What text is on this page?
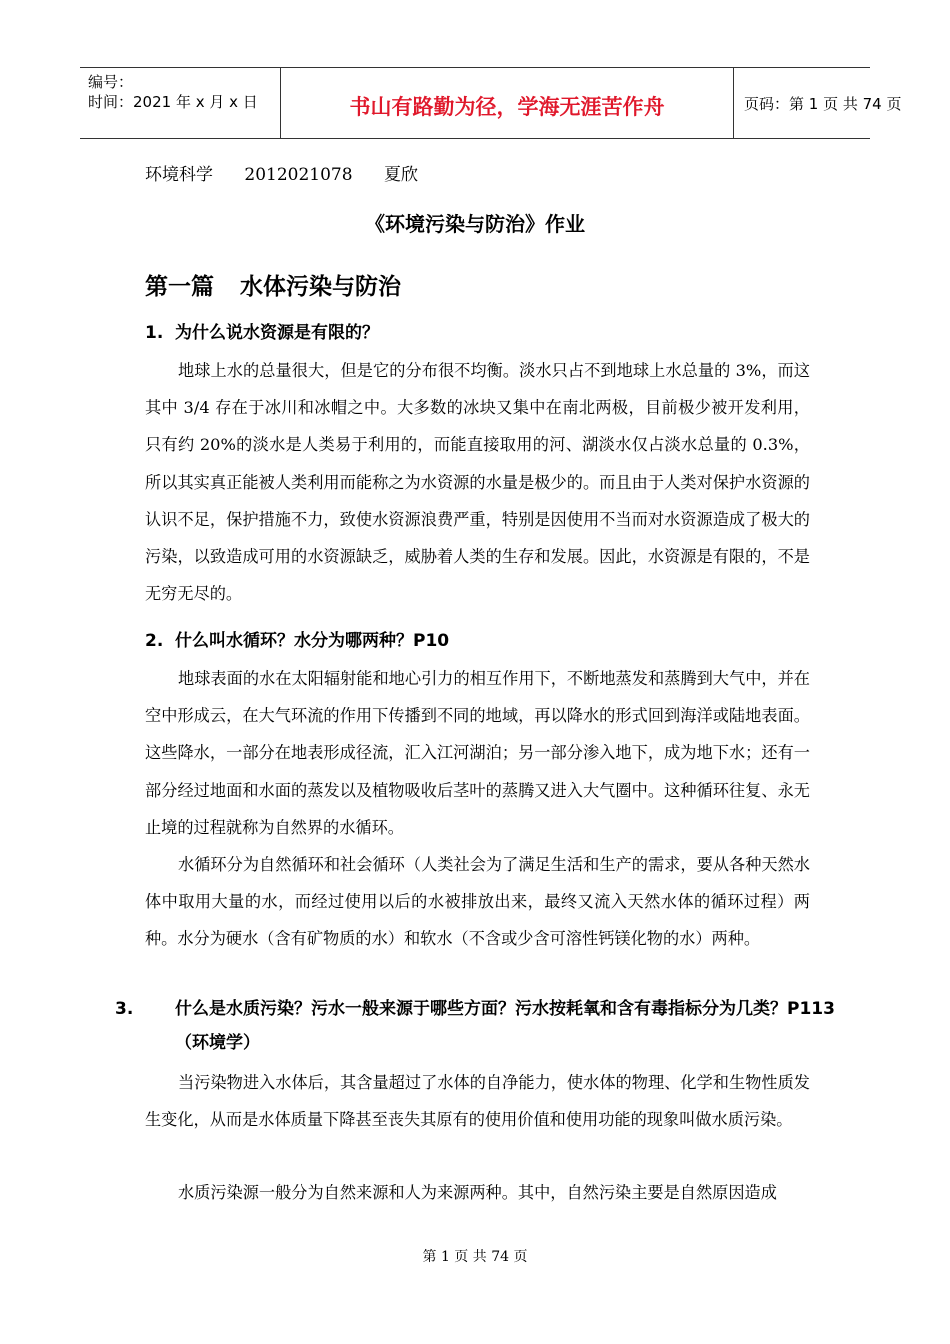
编号：
时间：2021 年 x 月 x 日	书山有路勤为径，学海无涯苦作舟	页码：第 1 页 共 74 页
环境科学 2012021078 夏欣
《环境污染与防治》作业
第一篇 水体污染与防治
1. 为什么说水资源是有限的？

地球上水的总量很大，但是它的分布很不均衡。淡水只占不到地球上水总量的 3%，而这其中 3/4 存在于冰川和冰帽之中。大多数的冰块又集中在南北两极，目前极少被开发利用，只有约 20%的淡水是人类易于利用的，而能直接取用的河、湖淡水仅占淡水总量的 0.3%，所以其实真正能被人类利用而能称之为水资源的水量是极少的。而且由于人类对保护水资源的认识不足，保护措施不力，致使水资源浪费严重，特别是因使用不当而对水资源造成了极大的污染，以致造成可用的水资源缺乏，威胁着人类的生存和发展。因此，水资源是有限的，不是无穷无尽的。

2. 什么叫水循环？水分为哪两种？P10

地球表面的水在太阳辐射能和地心引力的相互作用下，不断地蒸发和蒸腾到大气中，并在空中形成云，在大气环流的作用下传播到不同的地域，再以降水的形式回到海洋或陆地表面。这些降水，一部分在地表形成径流，汇入江河湖泊；另一部分渗入地下，成为地下水；还有一部分经过地面和水面的蒸发以及植物吸收后茎叶的蒸腾又进入大气圈中。这种循环往复、永无止境的过程就称为自然界的水循环。

水循环分为自然循环和社会循环（人类社会为了满足生活和生产的需求，要从各种天然水体中取用大量的水，而经过使用以后的水被排放出来，最终又流入天然水体的循环过程）两种。水分为硬水（含有矿物质的水）和软水（不含或少含可溶性钙镁化物的水）两种。

3. 什么是水质污染？污水一般来源于哪些方面？污水按耗氧和含有毒指标分为几类？P113（环境学）

当污染物进入水体后，其含量超过了水体的自净能力，使水体的物理、化学和生物性质发生变化，从而是水体质量下降甚至丧失其原有的使用价值和使用功能的现象叫做水质污染。

水质污染源一般分为自然来源和人为来源两种。其中，自然污染主要是自然原因造成

第 1 页 共 74 页
